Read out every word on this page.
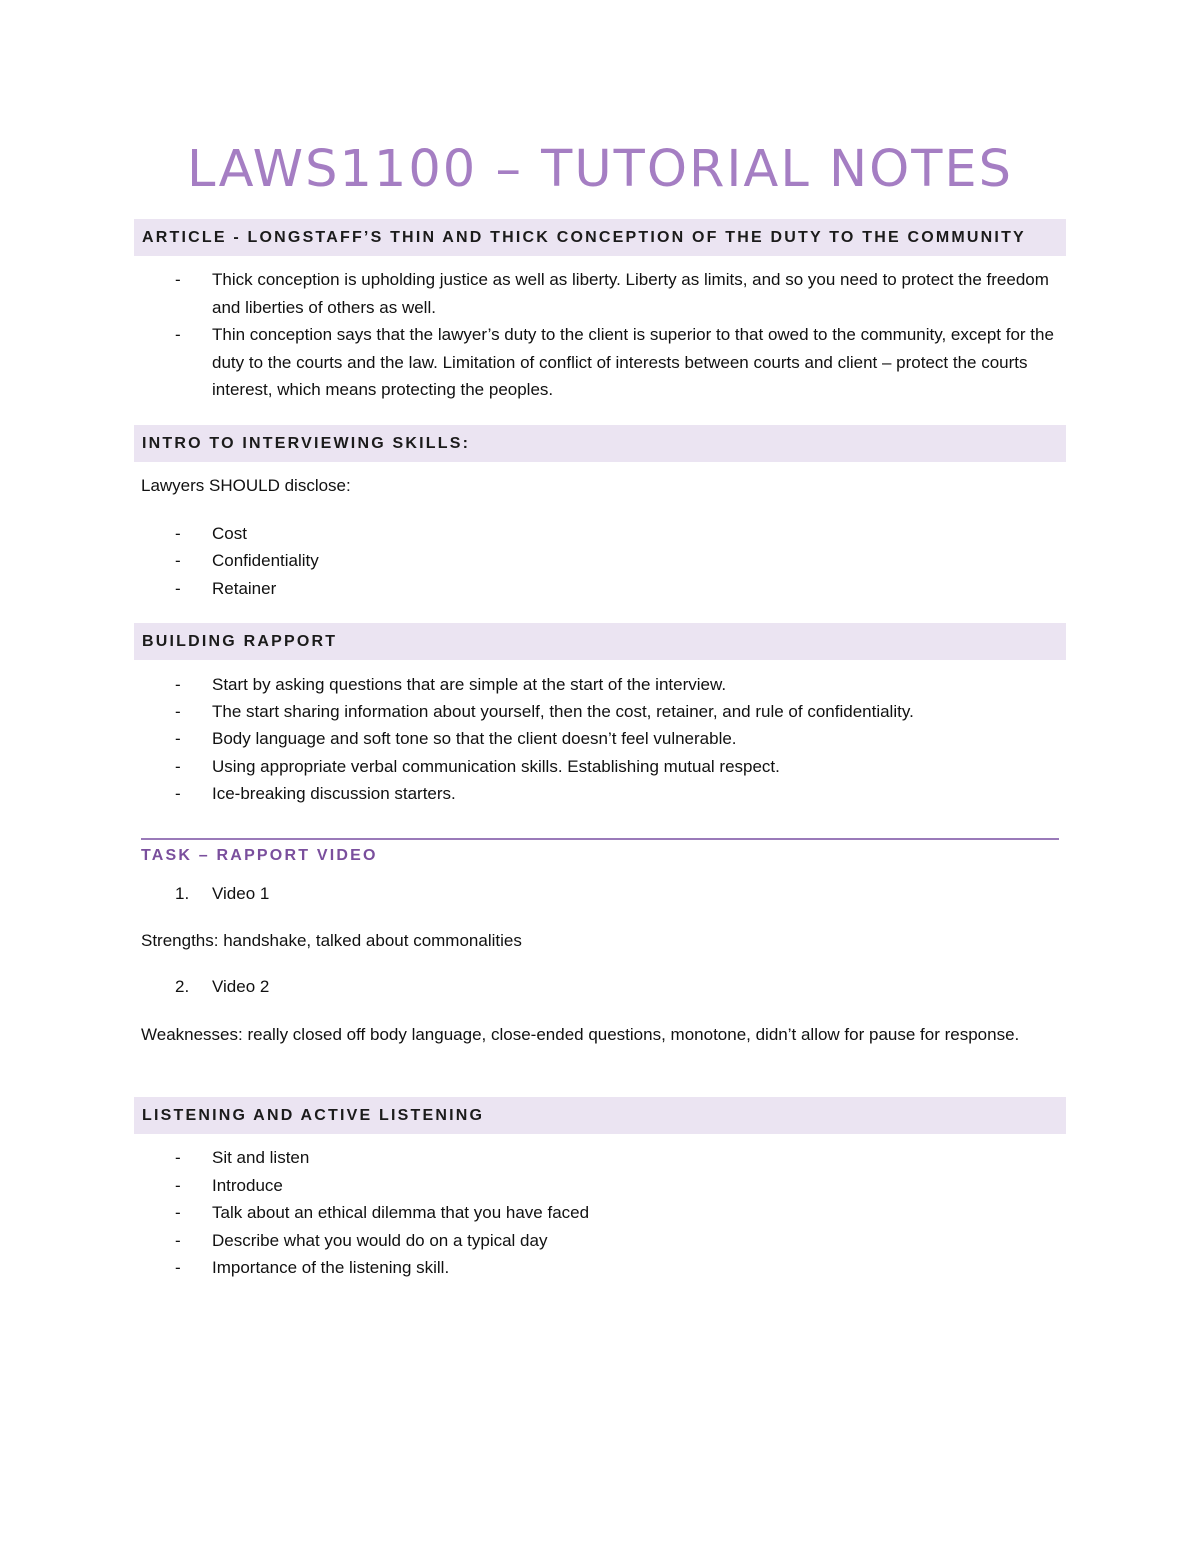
LAWS1100 – TUTORIAL NOTES
ARTICLE - LONGSTAFF’S THIN AND THICK CONCEPTION OF THE DUTY TO THE COMMUNITY
- Thick conception is upholding justice as well as liberty. Liberty as limits, and so you need to protect the freedom and liberties of others as well.
- Thin conception says that the lawyer’s duty to the client is superior to that owed to the community, except for the duty to the courts and the law. Limitation of conflict of interests between courts and client – protect the courts interest, which means protecting the peoples.
INTRO TO INTERVIEWING SKILLS:

Lawyers SHOULD disclose:

- Cost
- Confidentiality
- Retainer
BUILDING RAPPORT
- Start by asking questions that are simple at the start of the interview.
- The start sharing information about yourself, then the cost, retainer, and rule of confidentiality.
- Body language and soft tone so that the client doesn’t feel vulnerable.
- Using appropriate verbal communication skills. Establishing mutual respect.
- Ice-breaking discussion starters.
TASK – RAPPORT VIDEO
1. Video 1

Strengths: handshake, talked about commonalities

2. Video 2

Weaknesses: really closed off body language, close-ended questions, monotone, didn’t allow for pause for response.

LISTENING AND ACTIVE LISTENING
- Sit and listen
- Introduce
- Talk about an ethical dilemma that you have faced
- Describe what you would do on a typical day
- Importance of the listening skill.
